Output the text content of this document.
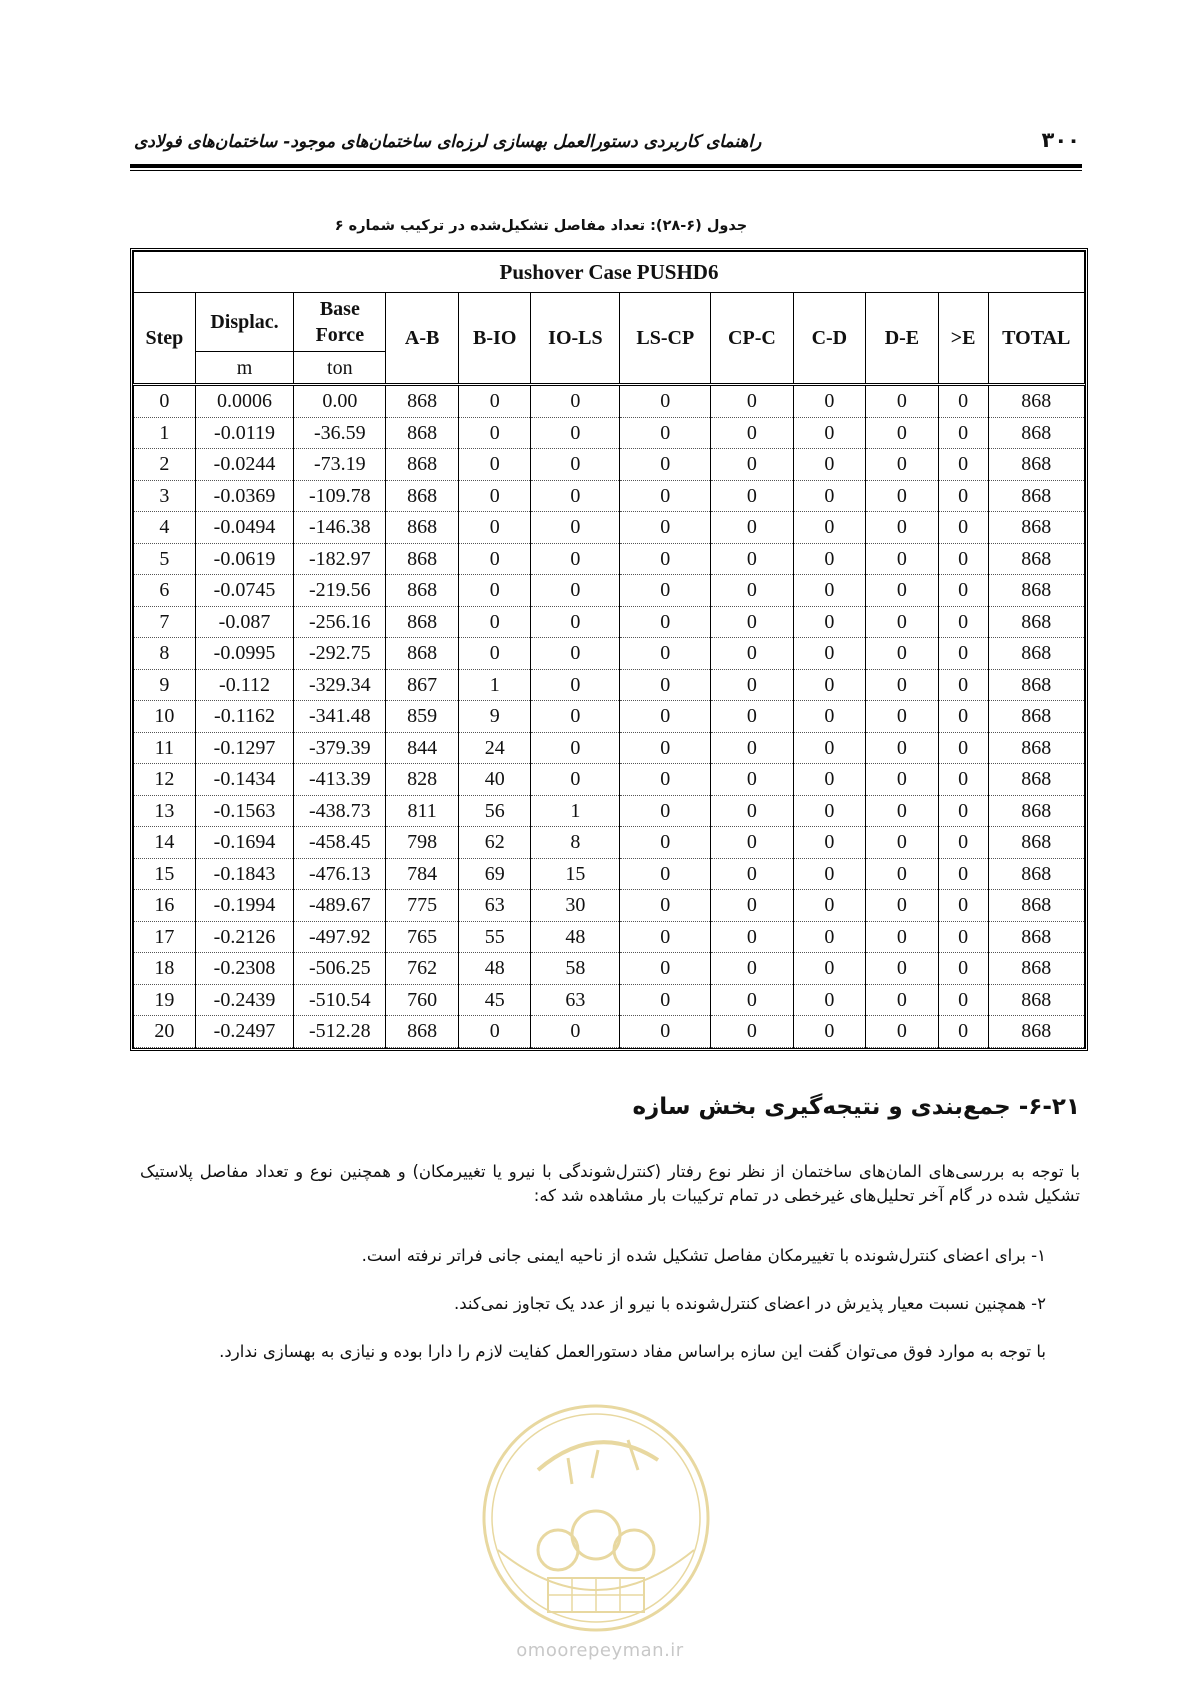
۳۰۰
راهنمای کاربردی دستورالعمل بهسازی لرزه‌ای ساختمان‌های موجود- ساختمان‌های فولادی
جدول (۶-۲۸): تعداد مفاصل تشکیل‌شده در ترکیب شماره ۶
Pushover Case PUSHD6											
Step	Displac.	Base Force	A-B	B-IO	IO-LS	LS-CP	CP-C	C-D	D-E	>E	TOTAL
	m	ton									
0	0.0006	0.00	868	0	0	0	0	0	0	0	868
1	-0.0119	-36.59	868	0	0	0	0	0	0	0	868
2	-0.0244	-73.19	868	0	0	0	0	0	0	0	868
3	-0.0369	-109.78	868	0	0	0	0	0	0	0	868
4	-0.0494	-146.38	868	0	0	0	0	0	0	0	868
5	-0.0619	-182.97	868	0	0	0	0	0	0	0	868
6	-0.0745	-219.56	868	0	0	0	0	0	0	0	868
7	-0.087	-256.16	868	0	0	0	0	0	0	0	868
8	-0.0995	-292.75	868	0	0	0	0	0	0	0	868
9	-0.112	-329.34	867	1	0	0	0	0	0	0	868
10	-0.1162	-341.48	859	9	0	0	0	0	0	0	868
11	-0.1297	-379.39	844	24	0	0	0	0	0	0	868
12	-0.1434	-413.39	828	40	0	0	0	0	0	0	868
13	-0.1563	-438.73	811	56	1	0	0	0	0	0	868
14	-0.1694	-458.45	798	62	8	0	0	0	0	0	868
15	-0.1843	-476.13	784	69	15	0	0	0	0	0	868
16	-0.1994	-489.67	775	63	30	0	0	0	0	0	868
17	-0.2126	-497.92	765	55	48	0	0	0	0	0	868
18	-0.2308	-506.25	762	48	58	0	0	0	0	0	868
19	-0.2439	-510.54	760	45	63	0	0	0	0	0	868
20	-0.2497	-512.28	868	0	0	0	0	0	0	0	868
۶-۲۱- جمع‌بندی و نتیجه‌گیری بخش سازه
با توجه به بررسی‌های المان‌های ساختمان از نظر نوع رفتار (کنترل‌شوندگی با نیرو یا تغییرمکان) و همچنین نوع و تعداد مفاصل پلاستیک تشکیل شده در گام آخر تحلیل‌های غیرخطی در تمام ترکیبات بار مشاهده شد که:
۱- برای اعضای کنترل‌شونده با تغییرمکان مفاصل تشکیل شده از ناحیه ایمنی جانی فراتر نرفته است.
۲- همچنین نسبت معیار پذیرش در اعضای کنترل‌شونده با نیرو از عدد یک تجاوز نمی‌کند.
با توجه به موارد فوق می‌توان گفت این سازه براساس مفاد دستورالعمل کفایت لازم را دارا بوده و نیازی به بهسازی ندارد.
omoorepeyman.ir
